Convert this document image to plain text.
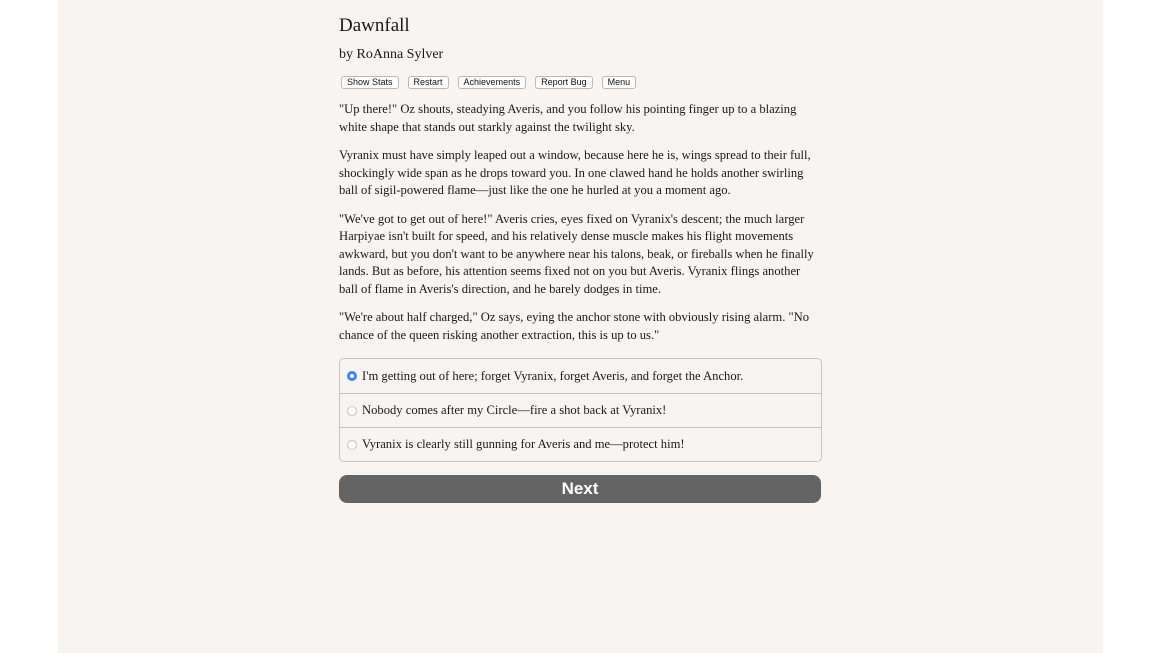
Dawnfall
by RoAnna Sylver
Show Stats	Restart	Achievements	Report Bug	Menu

"Up there!" Oz shouts, steadying Averis, and you follow his pointing finger up to a blazing white shape that stands out starkly against the twilight sky.

Vyranix must have simply leaped out a window, because here he is, wings spread to their full, shockingly wide span as he drops toward you. In one clawed hand he holds another swirling ball of sigil-powered flame—just like the one he hurled at you a moment ago.

"We've got to get out of here!" Averis cries, eyes fixed on Vyranix's descent; the much larger Harpiyae isn't built for speed, and his relatively dense muscle makes his flight movements awkward, but you don't want to be anywhere near his talons, beak, or fireballs when he finally lands. But as before, his attention seems fixed not on you but Averis. Vyranix flings another ball of flame in Averis's direction, and he barely dodges in time.

"We're about half charged," Oz says, eying the anchor stone with obviously rising alarm. "No chance of the queen risking another extraction, this is up to us."

I'm getting out of here; forget Vyranix, forget Averis, and forget the Anchor.
Nobody comes after my Circle—fire a shot back at Vyranix!
Vyranix is clearly still gunning for Averis and me—protect him!
Next
